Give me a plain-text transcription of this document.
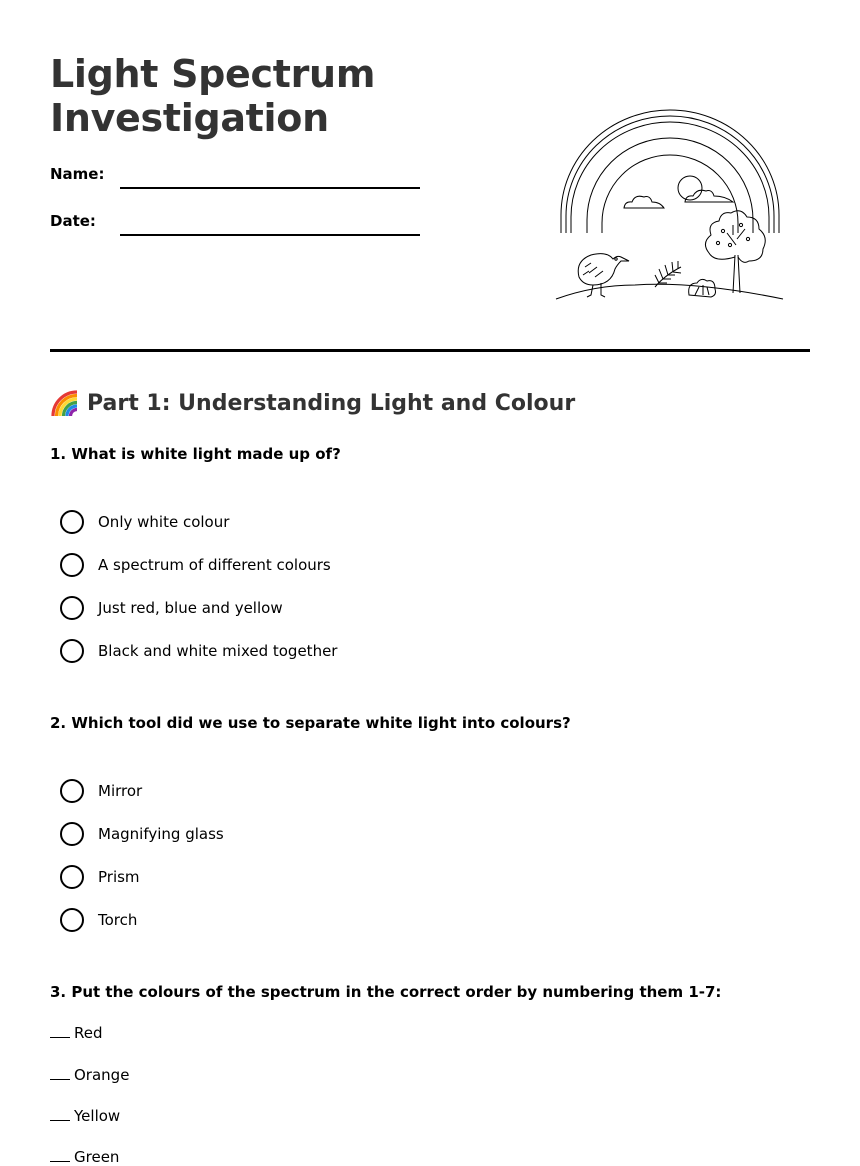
Light Spectrum
Investigation
Name:
Date:
Part 1: Understanding Light and Colour

1. What is white light made up of?

Only white colour
A spectrum of different colours
Just red, blue and yellow
Black and white mixed together

2. Which tool did we use to separate white light into colours?

Mirror
Magnifying glass
Prism
Torch

3. Put the colours of the spectrum in the correct order by numbering them 1-7:

Red
Orange
Yellow
Green
